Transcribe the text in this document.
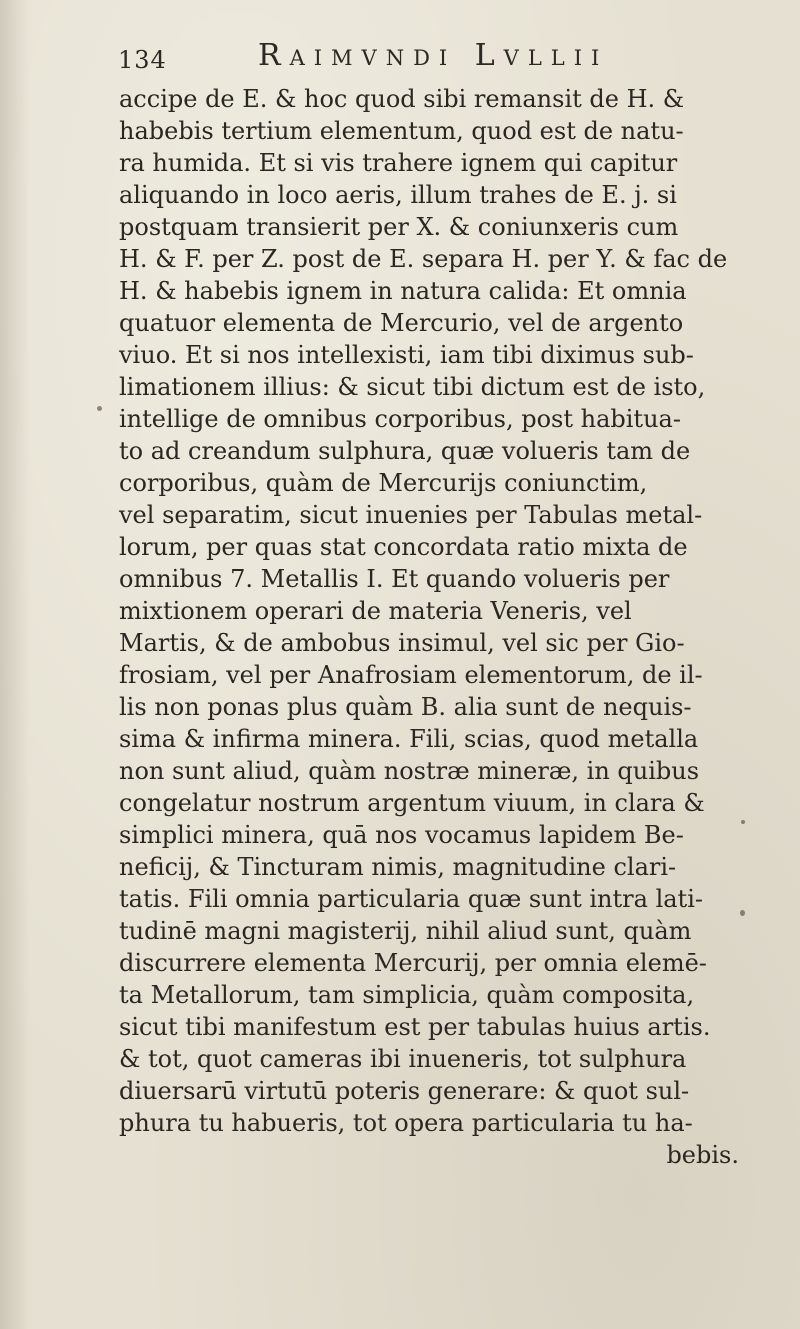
134	Raimvndi Lvllii
accipe de E. & hoc quod sibi remansit de H. &
habebis tertium elementum, quod est de natu-
ra humida. Et si vis trahere ignem qui capitur
aliquando in loco aeris, illum trahes de E. j. si
postquam transierit per X. & coniunxeris cum
H. & F. per Z. post de E. separa H. per Y. & fac de
H. & habebis ignem in natura calida: Et omnia
quatuor elementa de Mercurio, vel de argento
viuo. Et si nos intellexisti, iam tibi diximus sub-
limationem illius: & sicut tibi dictum est de isto,
intellige de omnibus corporibus, post habitua-
to ad creandum sulphura, quæ volueris tam de
corporibus, quàm de Mercurijs coniunctim,
vel separatim, sicut inuenies per Tabulas metal-
lorum, per quas stat concordata ratio mixta de
omnibus 7. Metallis I. Et quando volueris per
mixtionem operari de materia Veneris, vel
Martis, & de ambobus insimul, vel sic per Gio-
frosiam, vel per Anafrosiam elementorum, de il-
lis non ponas plus quàm B. alia sunt de nequis-
sima & infirma minera. Fili, scias, quod metalla
non sunt aliud, quàm nostræ mineræ, in quibus
congelatur nostrum argentum viuum, in clara &
simplici minera, quā nos vocamus lapidem Be-
neficij, & Tincturam nimis, magnitudine clari-
tatis. Fili omnia particularia quæ sunt intra lati-
tudinē magni magisterij, nihil aliud sunt, quàm
discurrere elementa Mercurij, per omnia elemē-
ta Metallorum, tam simplicia, quàm composita,
sicut tibi manifestum est per tabulas huius artis.
& tot, quot cameras ibi inueneris, tot sulphura
diuersarū virtutū poteris generare: & quot sul-
phura tu habueris, tot opera particularia tu ha-
bebis.
